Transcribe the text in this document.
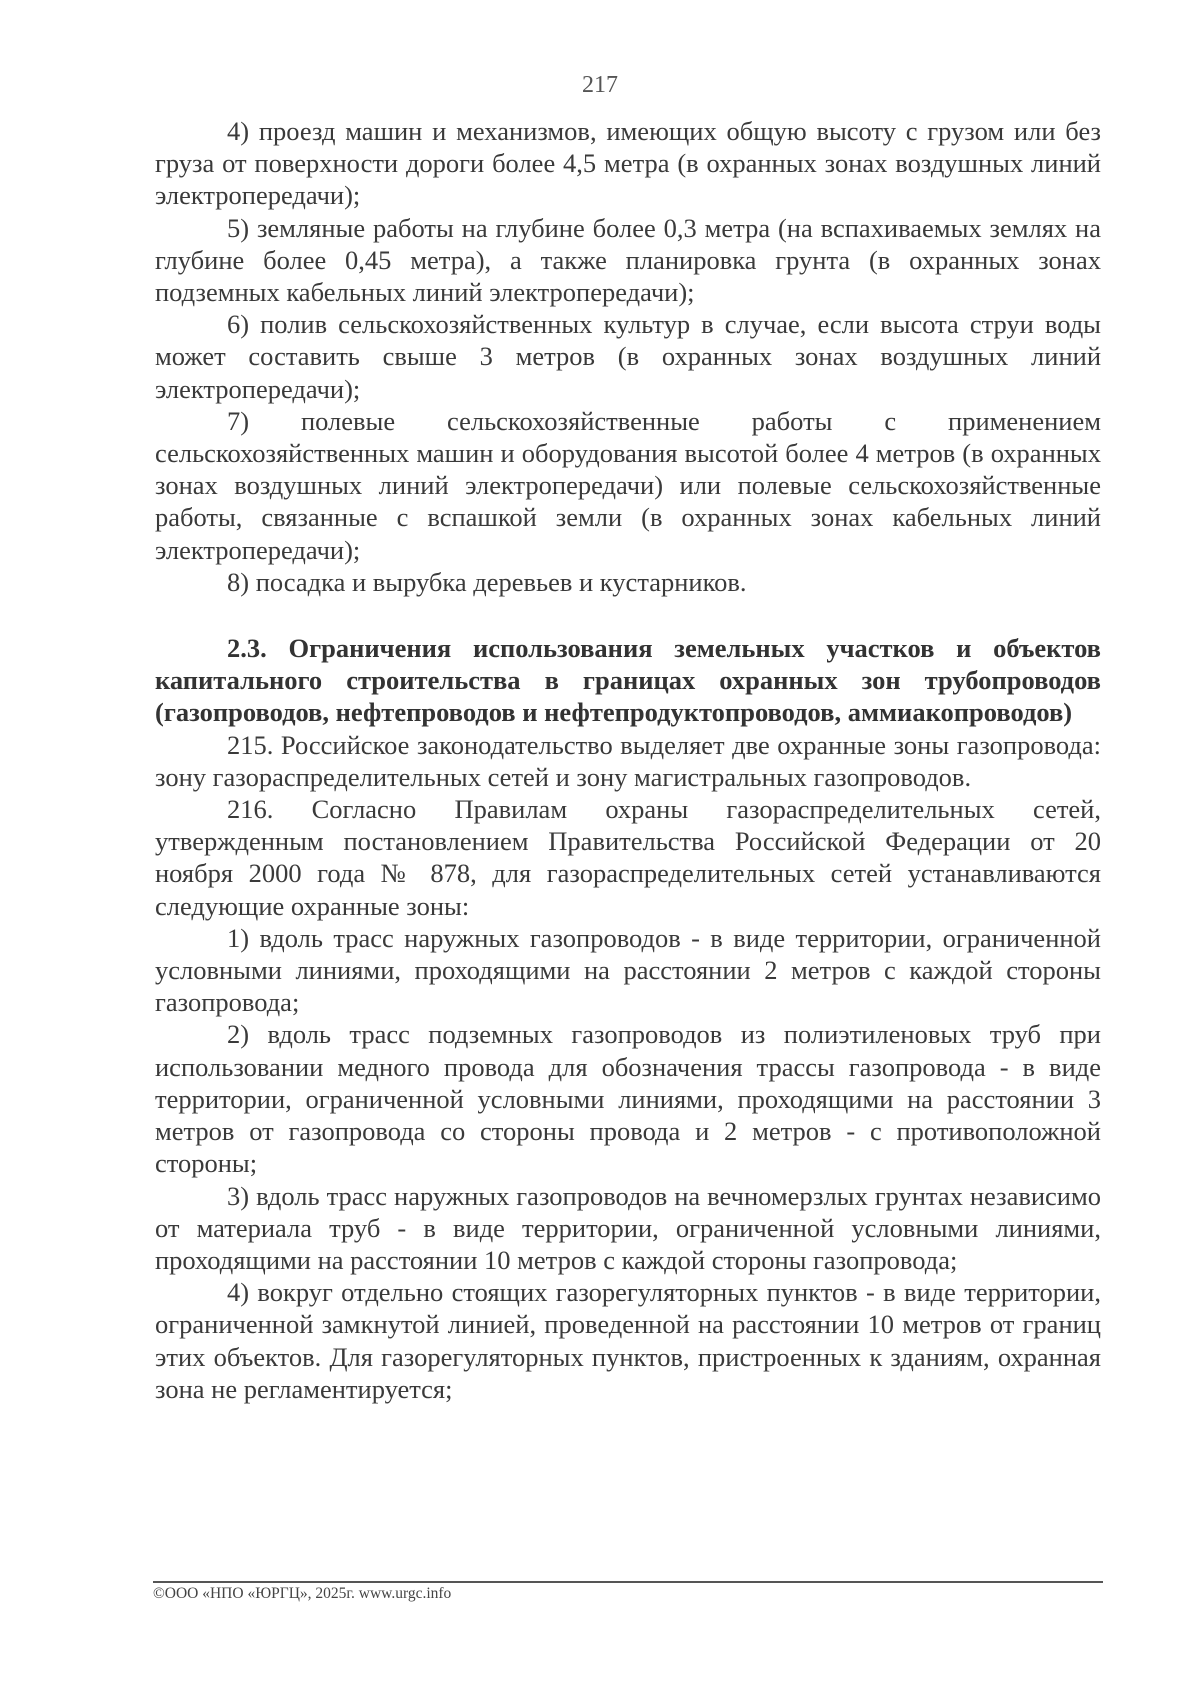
217

4) проезд машин и механизмов, имеющих общую высоту с грузом или без груза от поверхности дороги более 4,5 метра (в охранных зонах воздушных линий электропередачи);

5) земляные работы на глубине более 0,3 метра (на вспахиваемых землях на глубине более 0,45 метра), а также планировка грунта (в охранных зонах подземных кабельных линий электропередачи);

6) полив сельскохозяйственных культур в случае, если высота струи воды может составить свыше 3 метров (в охранных зонах воздушных линий электропередачи);

7) полевые сельскохозяйственные работы с применением сельскохозяйственных машин и оборудования высотой более 4 метров (в охранных зонах воздушных линий электропередачи) или полевые сельскохозяйственные работы, связанные с вспашкой земли (в охранных зонах кабельных линий электропередачи);

8) посадка и вырубка деревьев и кустарников.

2.3. Ограничения использования земельных участков и объектов капитального строительства в границах охранных зон трубопроводов (газопроводов, нефтепроводов и нефтепродуктопроводов, аммиакопроводов)

215. Российское законодательство выделяет две охранные зоны газопровода: зону газораспределительных сетей и зону магистральных газопроводов.

216. Согласно Правилам охраны газораспределительных сетей, утвержденным постановлением Правительства Российской Федерации от 20 ноября 2000 года № 878, для газораспределительных сетей устанавливаются следующие охранные зоны:

1) вдоль трасс наружных газопроводов - в виде территории, ограниченной условными линиями, проходящими на расстоянии 2 метров с каждой стороны газопровода;

2) вдоль трасс подземных газопроводов из полиэтиленовых труб при использовании медного провода для обозначения трассы газопровода - в виде территории, ограниченной условными линиями, проходящими на расстоянии 3 метров от газопровода со стороны провода и 2 метров - с противоположной стороны;

3) вдоль трасс наружных газопроводов на вечномерзлых грунтах независимо от материала труб - в виде территории, ограниченной условными линиями, проходящими на расстоянии 10 метров с каждой стороны газопровода;

4) вокруг отдельно стоящих газорегуляторных пунктов - в виде территории, ограниченной замкнутой линией, проведенной на расстоянии 10 метров от границ этих объектов. Для газорегуляторных пунктов, пристроенных к зданиям, охранная зона не регламентируется;

©ООО «НПО «ЮРГЦ», 2025г. www.urgc.info
